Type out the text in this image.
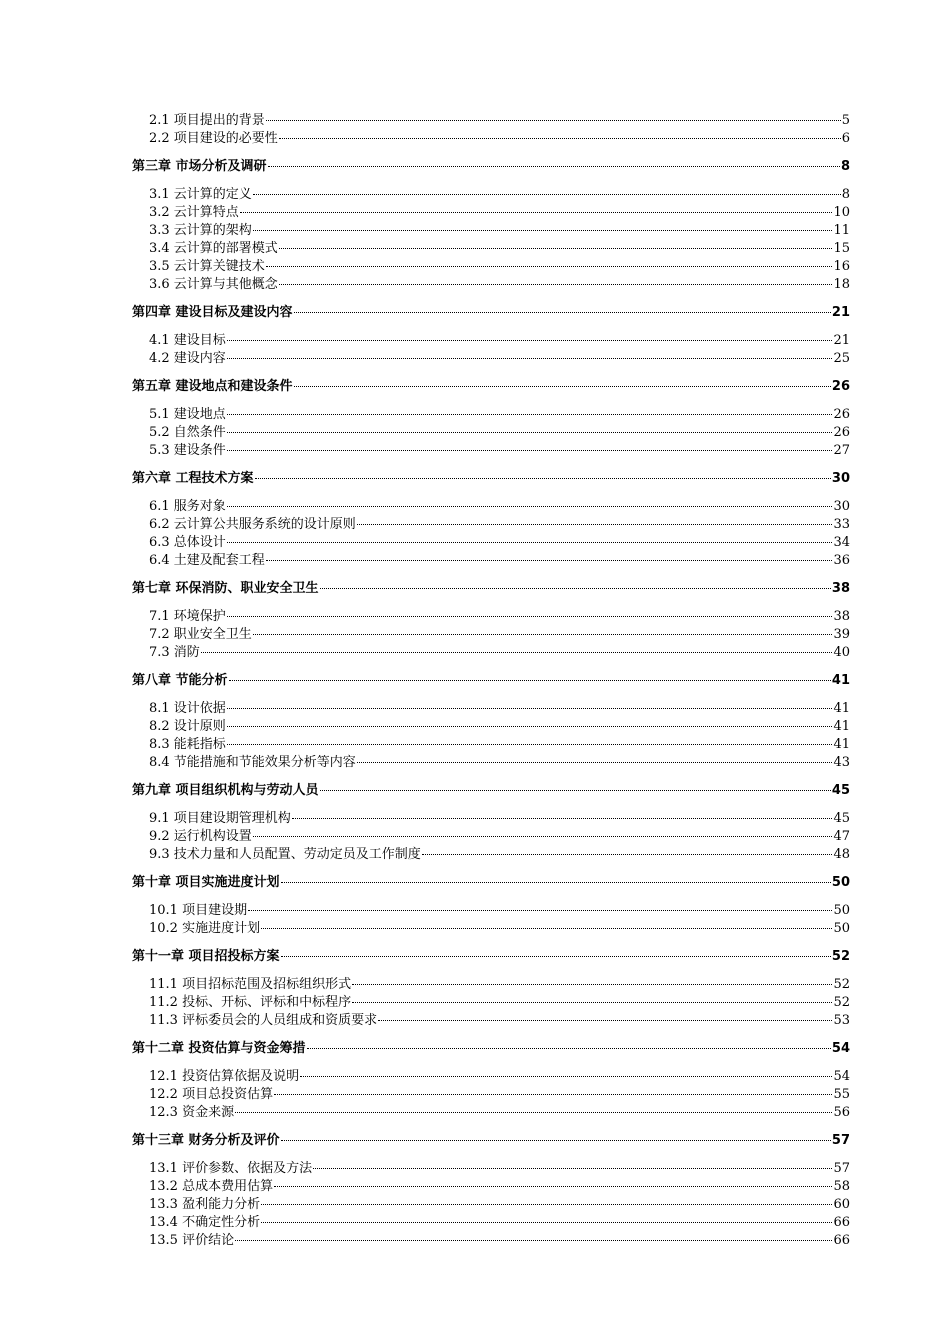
2.1 项目提出的背景	5
2.2 项目建设的必要性	6
第三章 市场分析及调研	8
3.1 云计算的定义	8
3.2 云计算特点	10
3.3 云计算的架构	11
3.4 云计算的部署模式	15
3.5 云计算关键技术	16
3.6 云计算与其他概念	18
第四章 建设目标及建设内容	21
4.1 建设目标	21
4.2 建设内容	25
第五章 建设地点和建设条件	26
5.1 建设地点	26
5.2 自然条件	26
5.3 建设条件	27
第六章 工程技术方案	30
6.1 服务对象	30
6.2 云计算公共服务系统的设计原则	33
6.3 总体设计	34
6.4 土建及配套工程	36
第七章 环保消防、职业安全卫生	38
7.1 环境保护	38
7.2 职业安全卫生	39
7.3 消防	40
第八章 节能分析	41
8.1 设计依据	41
8.2 设计原则	41
8.3 能耗指标	41
8.4 节能措施和节能效果分析等内容	43
第九章 项目组织机构与劳动人员	45
9.1 项目建设期管理机构	45
9.2 运行机构设置	47
9.3 技术力量和人员配置、劳动定员及工作制度	48
第十章 项目实施进度计划	50
10.1 项目建设期	50
10.2 实施进度计划	50
第十一章 项目招投标方案	52
11.1 项目招标范围及招标组织形式	52
11.2 投标、开标、评标和中标程序	52
11.3 评标委员会的人员组成和资质要求	53
第十二章 投资估算与资金筹措	54
12.1 投资估算依据及说明	54
12.2 项目总投资估算	55
12.3 资金来源	56
第十三章 财务分析及评价	57
13.1 评价参数、依据及方法	57
13.2 总成本费用估算	58
13.3 盈利能力分析	60
13.4 不确定性分析	66
13.5 评价结论	66
